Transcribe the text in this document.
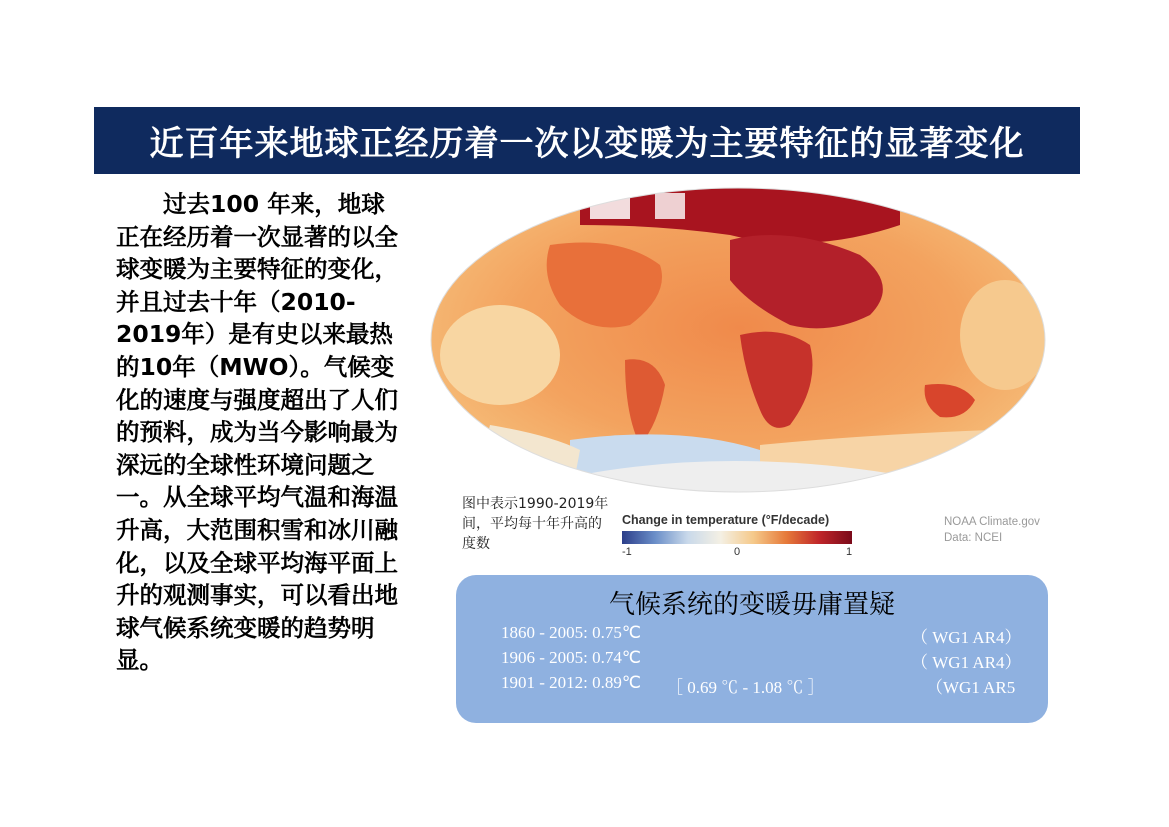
近百年来地球正经历着一次以变暖为主要特征的显著变化

过去100 年来，地球正在经历着一次显著的以全球变暖为主要特征的变化，并且过去十年（2010-2019年）是有史以来最热的10年（MWO）。气候变化的速度与强度超出了人们的预料，成为当今影响最为深远的全球性环境问题之一。从全球平均气温和海温升高，大范围积雪和冰川融化，以及全球平均海平面上升的观测事实，可以看出地球气候系统变暖的趋势明显。

图中表示1990-2019年间，平均每十年升高的度数
Change in temperature (°F/decade)
-1	0	1
NOAA Climate.gov
Data: NCEI
气候系统的变暖毋庸置疑
1860 - 2005: 0.75℃	（ WG1 AR4）
1906 - 2005: 0.74℃	（ WG1 AR4）
1901 - 2012: 0.89℃ ［ 0.69 ℃ - 1.08 ℃ ］	（WG1 AR5
